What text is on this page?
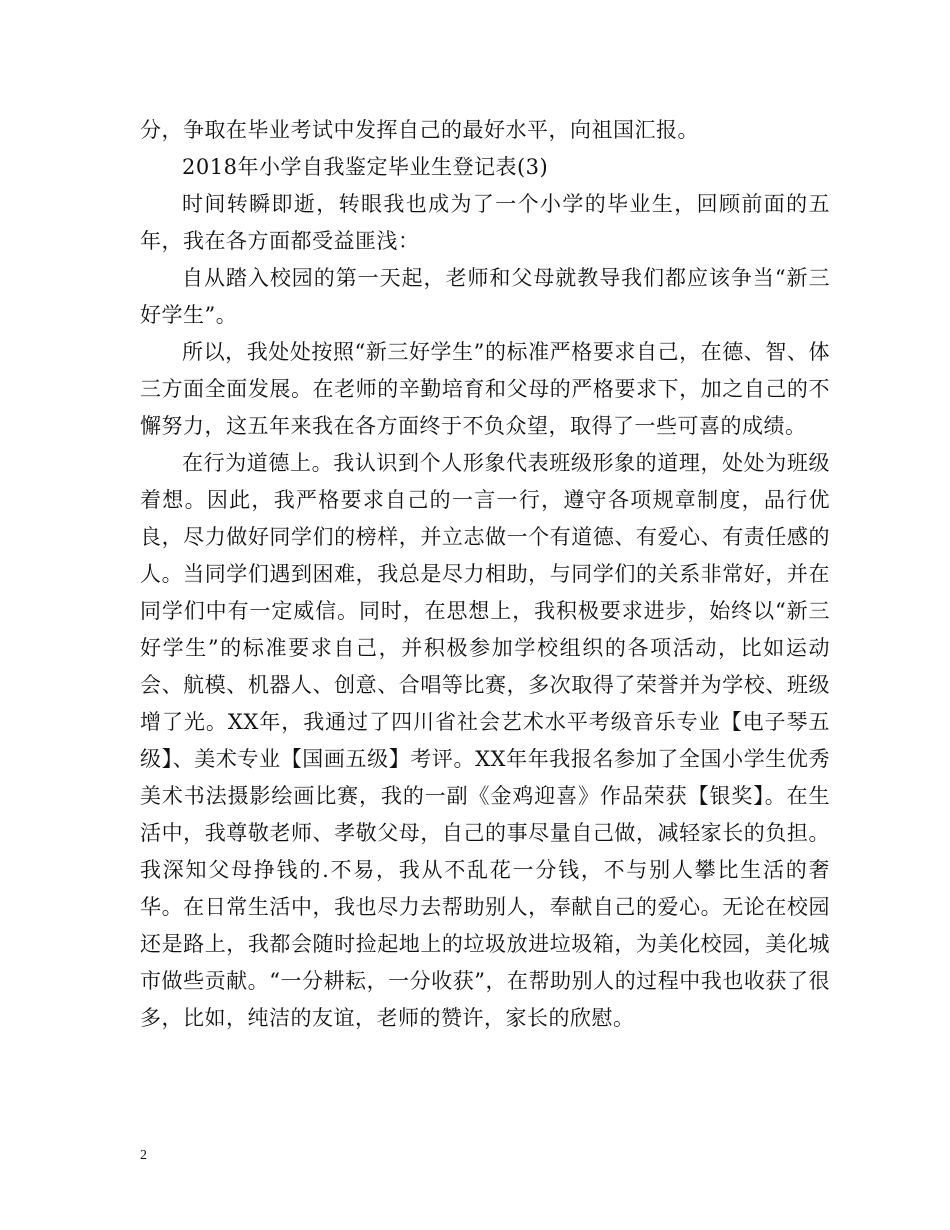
分，争取在毕业考试中发挥自己的最好水平，向祖国汇报。

2018年小学自我鉴定毕业生登记表(3)

时间转瞬即逝，转眼我也成为了一个小学的毕业生，回顾前面的五年，我在各方面都受益匪浅：

自从踏入校园的第一天起，老师和父母就教导我们都应该争当“新三好学生”。

所以，我处处按照“新三好学生”的标准严格要求自己，在德、智、体三方面全面发展。在老师的辛勤培育和父母的严格要求下，加之自己的不懈努力，这五年来我在各方面终于不负众望，取得了一些可喜的成绩。

在行为道德上。我认识到个人形象代表班级形象的道理，处处为班级着想。因此，我严格要求自己的一言一行，遵守各项规章制度，品行优良，尽力做好同学们的榜样，并立志做一个有道德、有爱心、有责任感的人。当同学们遇到困难，我总是尽力相助，与同学们的关系非常好，并在同学们中有一定威信。同时，在思想上，我积极要求进步，始终以“新三好学生”的标准要求自己，并积极参加学校组织的各项活动，比如运动会、航模、机器人、创意、合唱等比赛，多次取得了荣誉并为学校、班级增了光。XX年，我通过了四川省社会艺术水平考级音乐专业【电子琴五级】、美术专业【国画五级】考评。XX年年我报名参加了全国小学生优秀美术书法摄影绘画比赛，我的一副《金鸡迎喜》作品荣获【银奖】。在生活中，我尊敬老师、孝敬父母，自己的事尽量自己做，减轻家长的负担。我深知父母挣钱的.不易，我从不乱花一分钱，不与别人攀比生活的奢华。在日常生活中，我也尽力去帮助别人，奉献自己的爱心。无论在校园还是路上，我都会随时捡起地上的垃圾放进垃圾箱，为美化校园，美化城市做些贡献。“一分耕耘，一分收获”，在帮助别人的过程中我也收获了很多，比如，纯洁的友谊，老师的赞许，家长的欣慰。

2
